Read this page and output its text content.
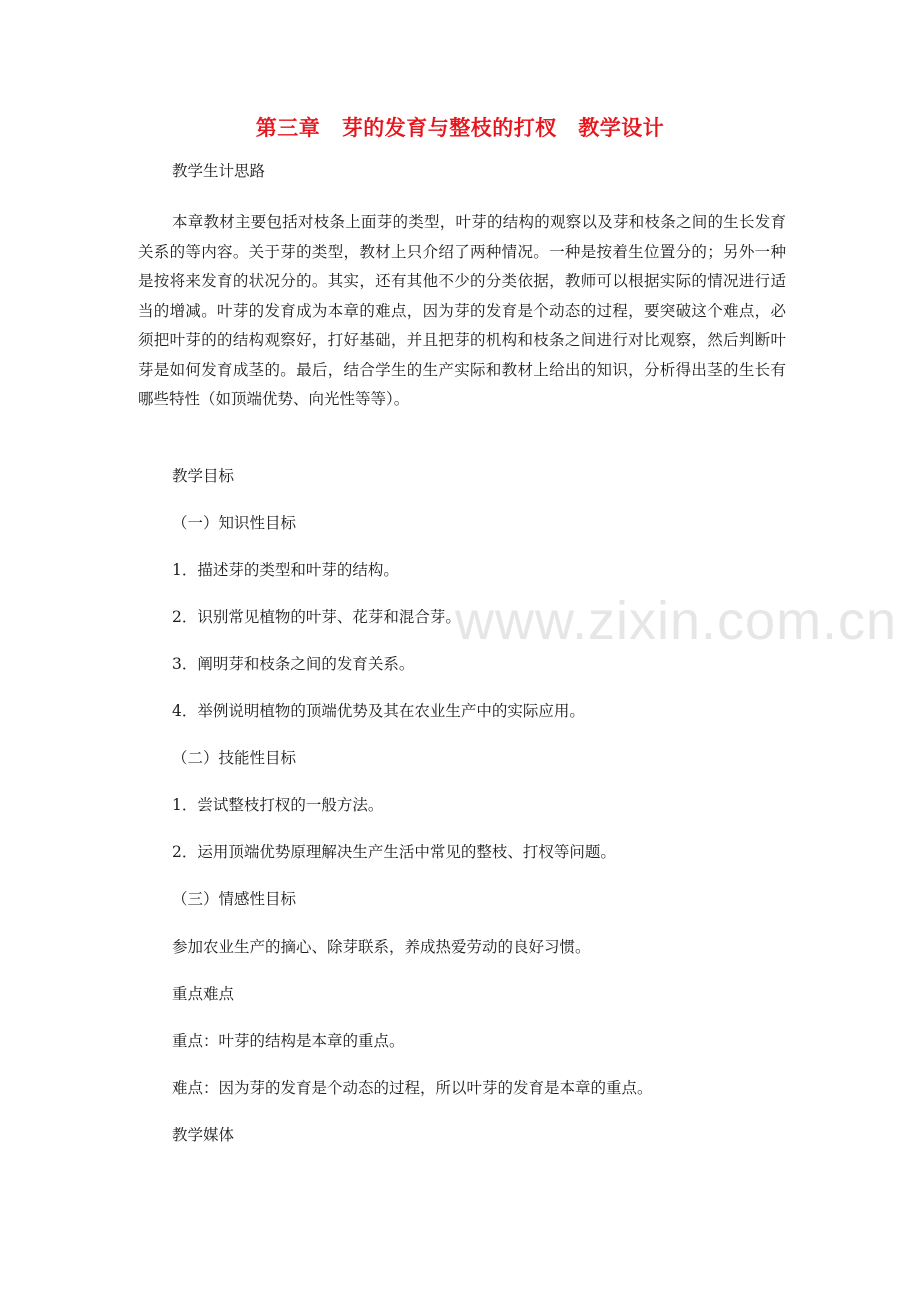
第三章　芽的发育与整枝的打杈　教学设计
教学生计思路

本章教材主要包括对枝条上面芽的类型，叶芽的结构的观察以及芽和枝条之间的生长发育关系的等内容。关于芽的类型，教材上只介绍了两种情况。一种是按着生位置分的；另外一种是按将来发育的状况分的。其实，还有其他不少的分类依据，教师可以根据实际的情况进行适当的增减。叶芽的发育成为本章的难点，因为芽的发育是个动态的过程，要突破这个难点，必须把叶芽的的结构观察好，打好基础，并且把芽的机构和枝条之间进行对比观察，然后判断叶芽是如何发育成茎的。最后，结合学生的生产实际和教材上给出的知识，分析得出茎的生长有哪些特性（如顶端优势、向光性等等）。

教学目标
（一）知识性目标
1．描述芽的类型和叶芽的结构。
2．识别常见植物的叶芽、花芽和混合芽。
3．阐明芽和枝条之间的发育关系。
4．举例说明植物的顶端优势及其在农业生产中的实际应用。
（二）技能性目标
1．尝试整枝打杈的一般方法。
2．运用顶端优势原理解决生产生活中常见的整枝、打杈等问题。
（三）情感性目标
参加农业生产的摘心、除芽联系，养成热爱劳动的良好习惯。
重点难点
重点：叶芽的结构是本章的重点。
难点：因为芽的发育是个动态的过程，所以叶芽的发育是本章的重点。
教学媒体
www.zixin.com.cn
